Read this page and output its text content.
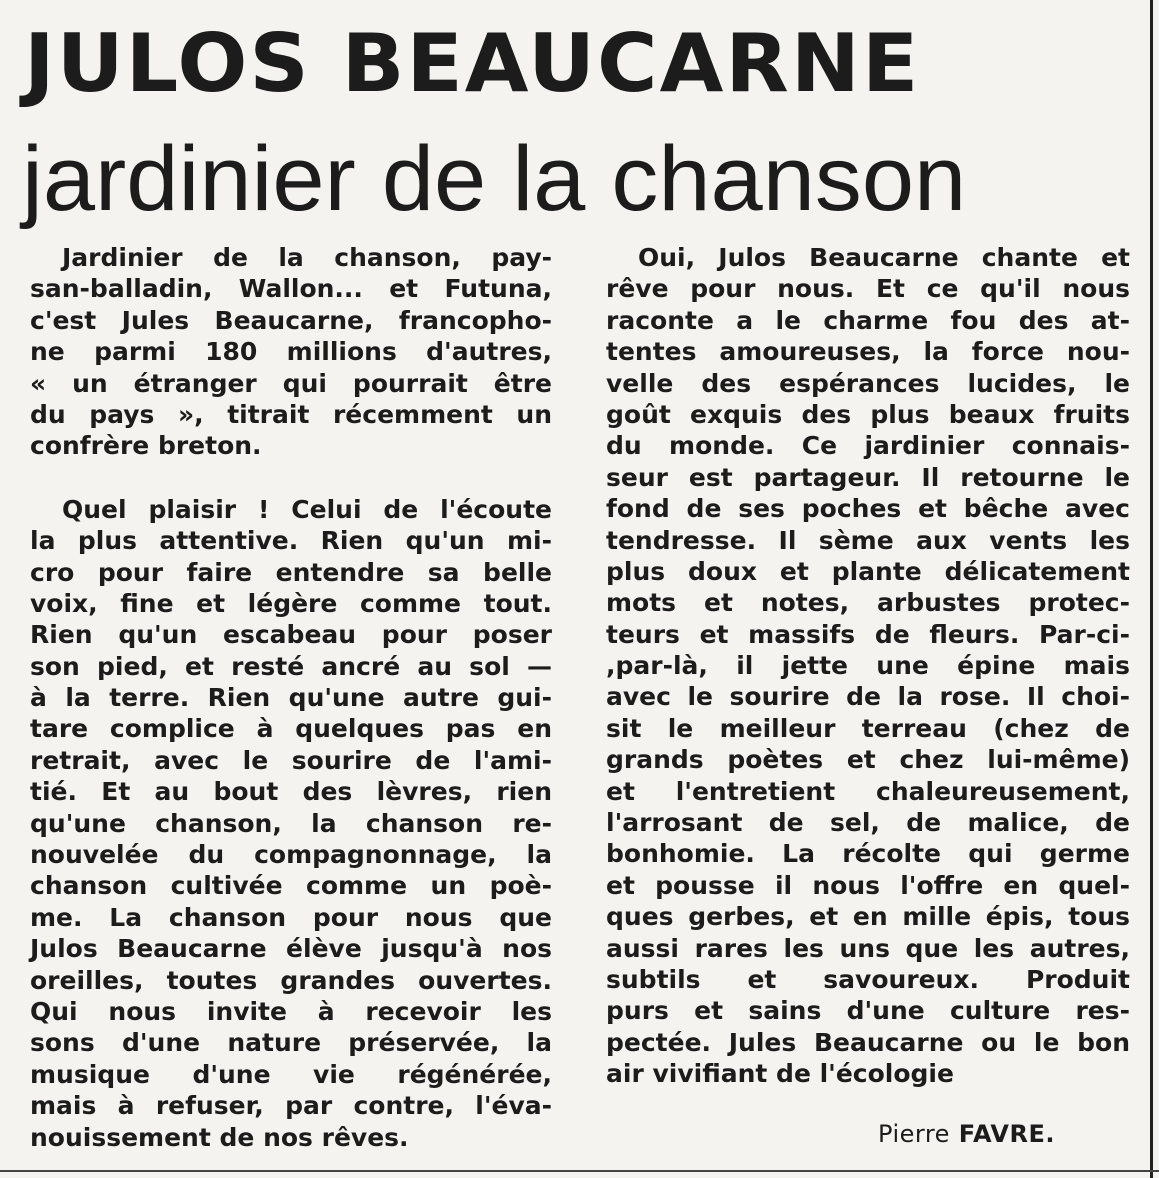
JULOS BEAUCARNE
jardinier de la chanson
Jardinier de la chanson, pay-
san-balladin, Wallon... et Futuna,
c'est Jules Beaucarne, francopho-
ne parmi 180 millions d'autres,
« un étranger qui pourrait être
du pays », titrait récemment un
confrère breton.
Quel plaisir ! Celui de l'écoute
la plus attentive. Rien qu'un mi-
cro pour faire entendre sa belle
voix, fine et légère comme tout.
Rien qu'un escabeau pour poser
son pied, et resté ancré au sol —
à la terre. Rien qu'une autre gui-
tare complice à quelques pas en
retrait, avec le sourire de l'ami-
tié. Et au bout des lèvres, rien
qu'une chanson, la chanson re-
nouvelée du compagnonnage, la
chanson cultivée comme un poè-
me. La chanson pour nous que
Julos Beaucarne élève jusqu'à nos
oreilles, toutes grandes ouvertes.
Qui nous invite à recevoir les
sons d'une nature préservée, la
musique d'une vie régénérée,
mais à refuser, par contre, l'éva-
nouissement de nos rêves.
Oui, Julos Beaucarne chante et
rêve pour nous. Et ce qu'il nous
raconte a le charme fou des at-
tentes amoureuses, la force nou-
velle des espérances lucides, le
goût exquis des plus beaux fruits
du monde. Ce jardinier connais-
seur est partageur. Il retourne le
fond de ses poches et bêche avec
tendresse. Il sème aux vents les
plus doux et plante délicatement
mots et notes, arbustes protec-
teurs et massifs de fleurs. Par-ci-
,par-là, il jette une épine mais
avec le sourire de la rose. Il choi-
sit le meilleur terreau (chez de
grands poètes et chez lui-même)
et l'entretient chaleureusement,
l'arrosant de sel, de malice, de
bonhomie. La récolte qui germe
et pousse il nous l'offre en quel-
ques gerbes, et en mille épis, tous
aussi rares les uns que les autres,
subtils et savoureux. Produit
purs et sains d'une culture res-
pectée. Jules Beaucarne ou le bon
air vivifiant de l'écologie
Pierre FAVRE.
